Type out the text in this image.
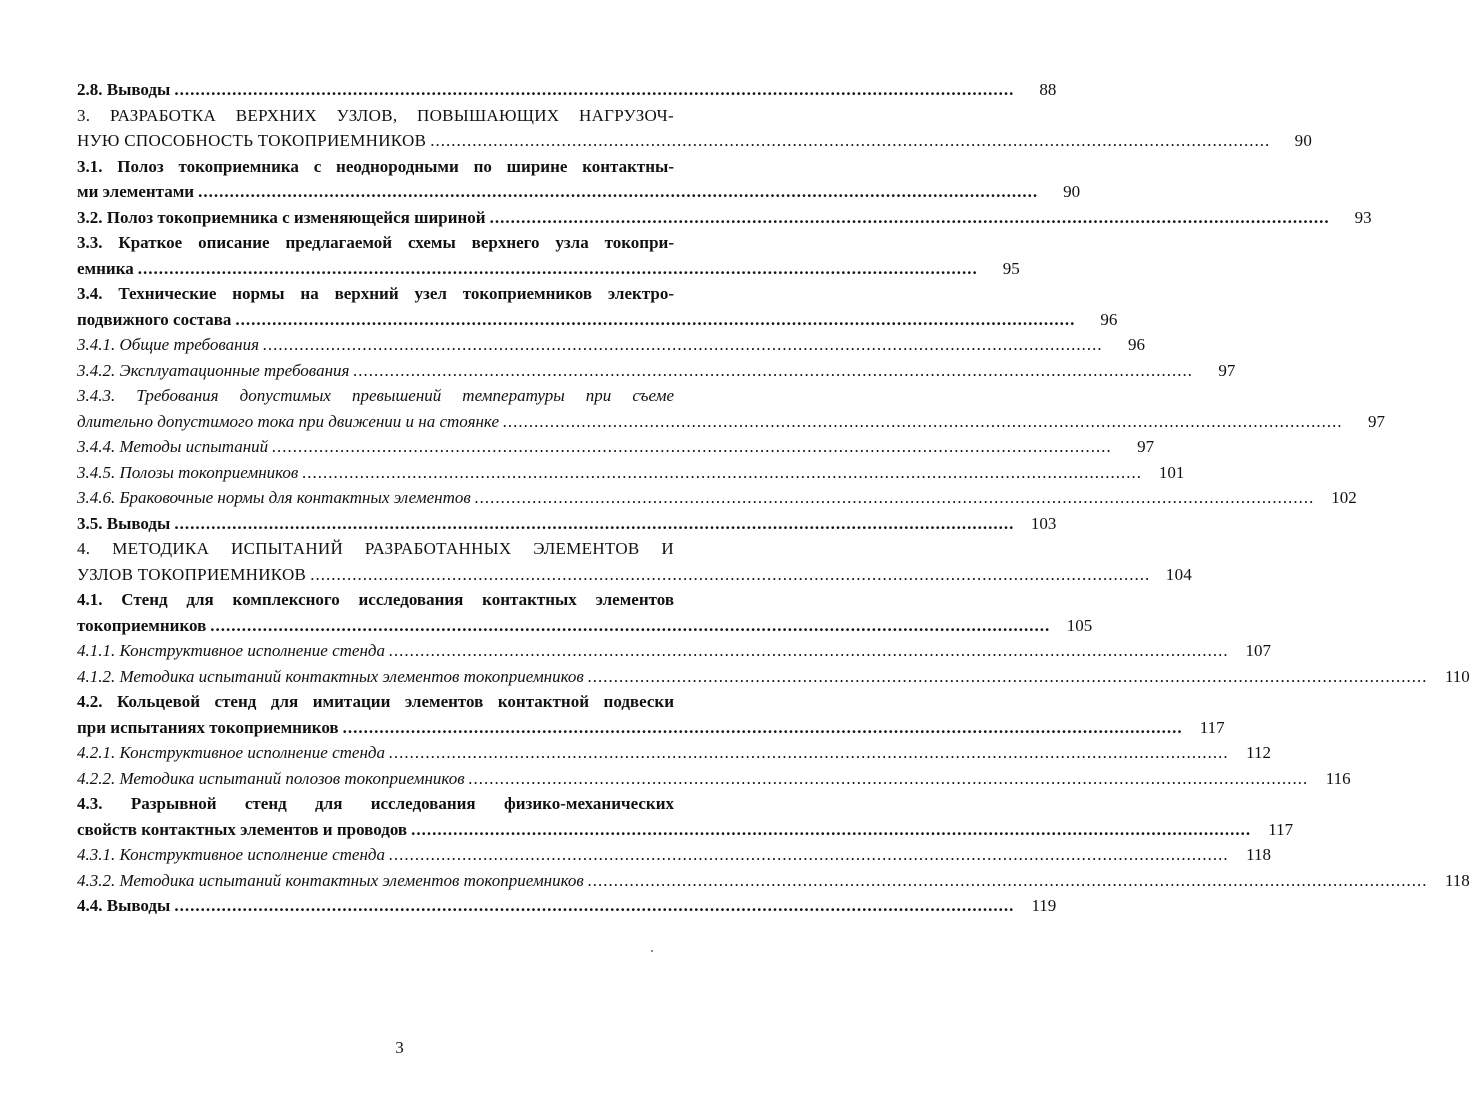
2.8. Выводы ................................................................................................................................................................	88
3. РАЗРАБОТКА ВЕРХНИХ УЗЛОВ, ПОВЫШАЮЩИХ НАГРУЗОЧ-
НУЮ СПОСОБНОСТЬ ТОКОПРИЕМНИКОВ ................................................................................................................................................................	90
3.1. Полоз токоприемника с неоднородными по ширине контактны-
ми элементами ................................................................................................................................................................	90
3.2. Полоз токоприемника с изменяющейся шириной ................................................................................................................................................................	93
3.3. Краткое описание предлагаемой схемы верхнего узла токопри-
емника ................................................................................................................................................................	95
3.4. Технические нормы на верхний узел токоприемников электро-
подвижного состава ................................................................................................................................................................	96
3.4.1. Общие требования ................................................................................................................................................................	96
3.4.2. Эксплуатационные требования ................................................................................................................................................................	97
3.4.3. Требования допустимых превышений температуры при съеме
длительно допустимого тока при движении и на стоянке ................................................................................................................................................................	97
3.4.4. Методы испытаний ................................................................................................................................................................	97
3.4.5. Полозы токоприемников ................................................................................................................................................................ 101
3.4.6. Браковочные нормы для контактных элементов ................................................................................................................................................................ 102
3.5. Выводы ................................................................................................................................................................ 103
4. МЕТОДИКА ИСПЫТАНИЙ РАЗРАБОТАННЫХ ЭЛЕМЕНТОВ И
УЗЛОВ ТОКОПРИЕМНИКОВ ................................................................................................................................................................ 104
4.1. Стенд для комплексного исследования контактных элементов
токоприемников ................................................................................................................................................................ 105
4.1.1. Конструктивное исполнение стенда ................................................................................................................................................................ 107
4.1.2. Методика испытаний контактных элементов токоприемников ................................................................................................................................................................	110
4.2. Кольцевой стенд для имитации элементов контактной подвески
при испытаниях токоприемников ................................................................................................................................................................	117
4.2.1. Конструктивное исполнение стенда ................................................................................................................................................................	112
4.2.2. Методика испытаний полозов токоприемников ................................................................................................................................................................	116
4.3. Разрывной стенд для исследования физико-механических
свойств контактных элементов и проводов ................................................................................................................................................................	117
4.3.1. Конструктивное исполнение стенда ................................................................................................................................................................	118
4.3.2. Методика испытаний контактных элементов токоприемников ................................................................................................................................................................	118
4.4. Выводы ................................................................................................................................................................	119
3
